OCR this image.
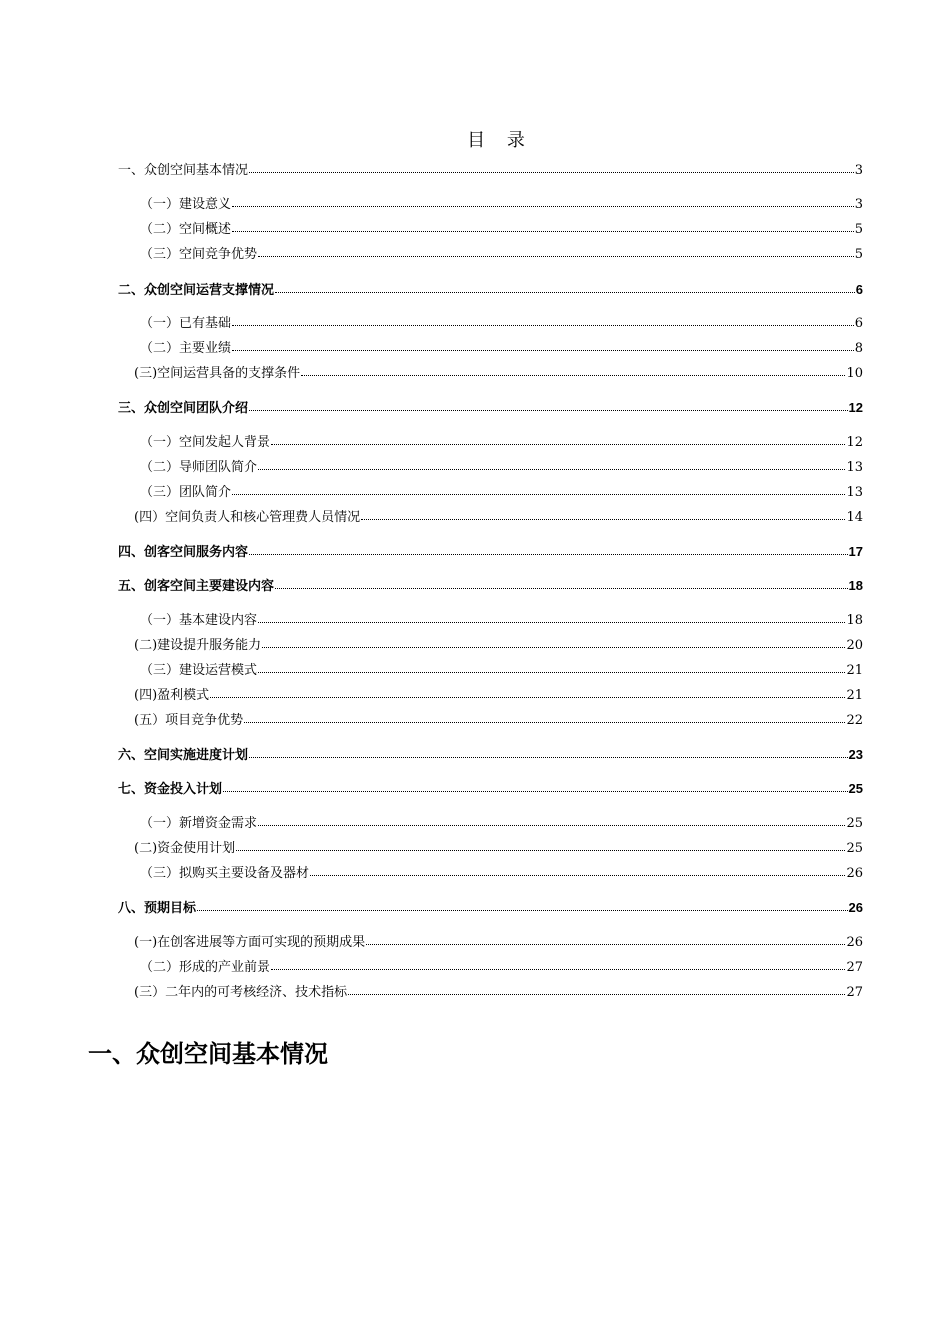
目 录
一、众创空间基本情况	3
（一）建设意义	3
（二）空间概述	5
（三）空间竞争优势	5
二、众创空间运营支撑情况	6
（一）已有基础	6
（二）主要业绩	8
(三)空间运营具备的支撑条件	10
三、众创空间团队介绍	12
（一）空间发起人背景	12
（二）导师团队简介	13
（三）团队简介	13
(四）空间负责人和核心管理费人员情况	14
四、创客空间服务内容	17
五、创客空间主要建设内容	18
（一）基本建设内容	18
(二)建设提升服务能力	20
（三）建设运营模式	21
(四)盈利模式	21
(五）项目竞争优势	22
六、空间实施进度计划	23
七、资金投入计划	25
（一）新增资金需求	25
(二)资金使用计划	25
（三）拟购买主要设备及器材	26
八、预期目标	26
(一)在创客进展等方面可实现的预期成果	26
（二）形成的产业前景	27
(三）二年内的可考核经济、技术指标	27
一、众创空间基本情况
